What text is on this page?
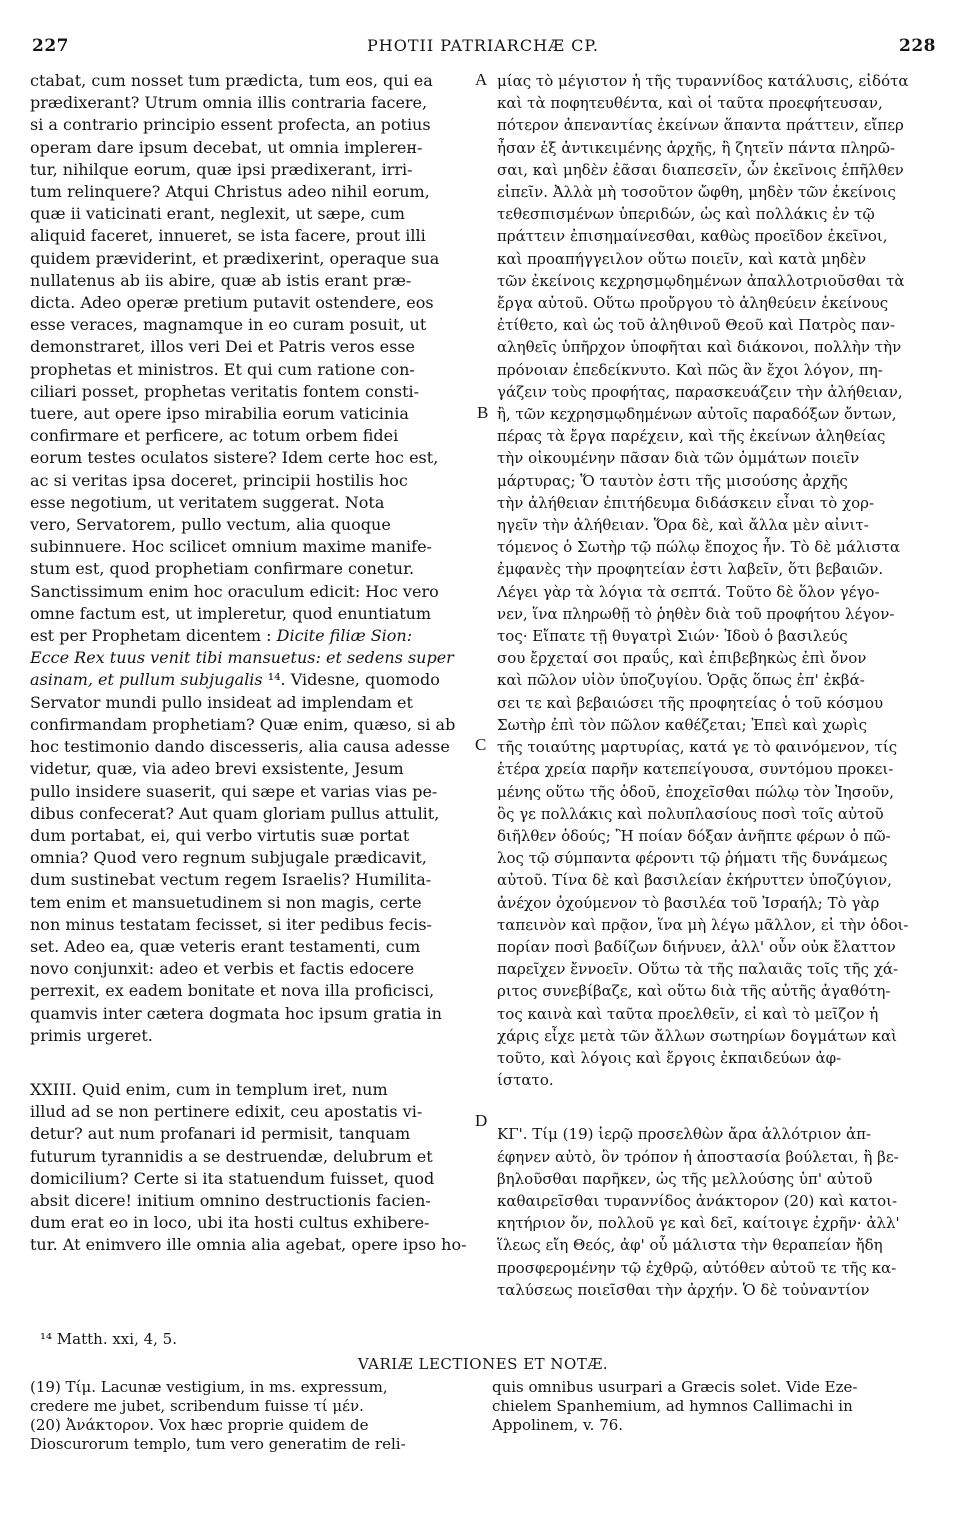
227	PHOTII PATRIARCHÆ CP.	228
ctabat, cum nosset tum prædicta, tum eos, qui ea
prædixerant? Utrum omnia illis contraria facere,
si a contrario principio essent profecta, an potius
operam dare ipsum decebat, ut omnia implerен-
tur, nihilque eorum, quæ ipsi prædixerant, irri-
tum relinquere? Atqui Christus adeo nihil eorum,
quæ ii vaticinati erant, neglexit, ut sæpe, cum
aliquid faceret, innueret, se ista facere, prout illi
quidem præviderint, et prædixerint, operaque sua
nullatenus ab iis abire, quæ ab istis erant præ-
dicta. Adeo operæ pretium putavit ostendere, eos
esse veraces, magnamque in eo curam posuit, ut
demonstraret, illos veri Dei et Patris veros esse
prophetas et ministros. Et qui cum ratione con-
ciliari posset, prophetas veritatis fontem consti-
tuere, aut opere ipso mirabilia eorum vaticinia
confirmare et perficere, ac totum orbem fidei
eorum testes oculatos sistere? Idem certe hoc est,
ac si veritas ipsa doceret, principii hostilis hoc
esse negotium, ut veritatem suggerat. Nota
vero, Servatorem, pullo vectum, alia quoque
subinnuere. Hoc scilicet omnium maxime manife-
stum est, quod prophetiam confirmare conetur.
Sanctissimum enim hoc oraculum edicit: Hoc vero
omne factum est, ut impleretur, quod enuntiatum
est per Prophetam dicentem : Dicite filiæ Sion:
Ecce Rex tuus venit tibi mansuetus: et sedens super
asinam, et pullum subjugalis ¹⁴. Videsne, quomodo
Servator mundi pullo insideat ad implendam et
confirmandam prophetiam? Quæ enim, quæso, si ab
hoc testimonio dando discesseris, alia causa adesse
videtur, quæ, via adeo brevi exsistente, Jesum
pullo insidere suaserit, qui sæpe et varias vias pe-
dibus confecerat? Aut quam gloriam pullus attulit,
dum portabat, ei, qui verbo virtutis suæ portat
omnia? Quod vero regnum subjugale prædicavit,
dum sustinebat vectum regem Israelis? Humilita-
tem enim et mansuetudinem si non magis, certe
non minus testatam fecisset, si iter pedibus fecis-
set. Adeo ea, quæ veteris erant testamenti, cum
novo conjunxit: adeo et verbis et factis edocere
perrexit, ex eadem bonitate et nova illa proficisci,
quamvis inter cætera dogmata hoc ipsum gratia in
primis urgeret.
XXIII. Quid enim, cum in templum iret, num
illud ad se non pertinere edixit, ceu apostatis vi-
detur? aut num profanari id permisit, tanquam
futurum tyrannidis a se destruendæ, delubrum et
domicilium? Certe si ita statuendum fuisset, quod
absit dicere! initium omnino destructionis facien-
dum erat eo in loco, ubi ita hosti cultus exhibere-
tur. At enimvero ille omnia alia agebat, opere ipso ho-
μίας τὸ μέγιστον ἡ τῆς τυραννίδος κατάλυσις, εἰδότα
καὶ τὰ ποφητευθέντα, καὶ οἱ ταῦτα προεφήτευσαν,
πότερον ἀπεναντίας ἐκείνων ἅπαντα πράττειν, εἴπερ
ἦσαν ἐξ ἀντικειμένης ἀρχῆς, ἢ ζητεῖν πάντα πληρῶ-
σαι, καὶ μηδὲν ἐᾶσαι διαπεσεῖν, ὧν ἐκεῖνοις ἐπῆλθεν
εἰπεῖν. Ἀλλὰ μὴ τοσοῦτον ὤφθη, μηδὲν τῶν ἐκείνοις
τεθεσπισμένων ὑπεριδών, ὡς καὶ πολλάκις ἐν τῷ
πράττειν ἐπισημαίνεσθαι, καθὼς προεῖδον ἐκεῖνοι,
καὶ προαπήγγειλον οὕτω ποιεῖν, καὶ κατὰ μηδὲν
τῶν ἐκείνοις κεχρησμῳδημένων ἀπαλλοτριοῦσθαι τὰ
ἔργα αὐτοῦ. Οὕτω προὔργου τὸ ἀληθεύειν ἐκείνους
ἐτίθετο, καὶ ὡς τοῦ ἀληθινοῦ Θεοῦ καὶ Πατρὸς παν-
αληθεῖς ὑπῆρχον ὑποφῆται καὶ διάκονοι, πολλὴν τὴν
πρόνοιαν ἐπεδείκνυτο. Καὶ πῶς ἂν ἔχοι λόγον, πη-
γάζειν τοὺς προφήτας, παρασκευάζειν τὴν ἀλήθειαν,
ἢ, τῶν κεχρησμῳδημένων αὐτοῖς παραδόξων ὄντων,
πέρας τὰ ἔργα παρέχειν, καὶ τῆς ἐκείνων ἀληθείας
τὴν οἰκουμένην πᾶσαν διὰ τῶν ὀμμάτων ποιεῖν
μάρτυρας; Ὅ ταυτὸν ἐστι τῆς μισούσης ἀρχῆς
τὴν ἀλήθειαν ἐπιτήδευμα διδάσκειν εἶναι τὸ χορ-
ηγεῖν τὴν ἀλήθειαν. Ὅρα δὲ, καὶ ἄλλα μὲν αἰνιτ-
τόμενος ὁ Σωτὴρ τῷ πώλῳ ἔποχος ἦν. Τὸ δὲ μάλιστα
ἐμφανὲς τὴν προφητείαν ἐστι λαβεῖν, ὅτι βεβαιῶν.
Λέγει γὰρ τὰ λόγια τὰ σεπτά. Τοῦτο δὲ ὅλον γέγο-
νεν, ἵνα πληρωθῇ τὸ ῥηθὲν διὰ τοῦ προφήτου λέγον-
τος· Εἴπατε τῇ θυγατρὶ Σιών· Ἰδοὺ ὁ βασιλεύς
σου ἔρχεταί σοι πραΰς, καὶ ἐπιβεβηκὼς ἐπὶ ὄνον
καὶ πῶλον υἱὸν ὑποζυγίου. Ὁρᾷς ὅπως ἐπ' ἐκβά-
σει τε καὶ βεβαιώσει τῆς προφητείας ὁ τοῦ κόσμου
Σωτὴρ ἐπὶ τὸν πῶλον καθέζεται; Ἐπεὶ καὶ χωρὶς
τῆς τοιαύτης μαρτυρίας, κατά γε τὸ φαινόμενον, τίς
ἑτέρα χρεία παρῆν κατεπείγουσα, συντόμου προκει-
μένης οὕτω τῆς ὁδοῦ, ἐποχεῖσθαι πώλῳ τὸν Ἰησοῦν,
ὃς γε πολλάκις καὶ πολυπλασίους ποσὶ τοῖς αὐτοῦ
διῆλθεν ὁδούς; Ἢ ποίαν δόξαν ἀνῆπτε φέρων ὁ πῶ-
λος τῷ σύμπαντα φέροντι τῷ ῥήματι τῆς δυνάμεως
αὐτοῦ. Τίνα δὲ καὶ βασιλείαν ἐκήρυττεν ὑποζύγιον,
ἀνέχον ὀχούμενον τὸ βασιλέα τοῦ Ἰσραήλ; Τὸ γὰρ
ταπεινὸν καὶ πρᾷον, ἵνα μὴ λέγω μᾶλλον, εἰ τὴν ὁδοι-
πορίαν ποσὶ βαδίζων διήνυεν, ἀλλ' οὖν οὐκ ἔλαττον
παρεῖχεν ἔννοεῖν. Οὕτω τὰ τῆς παλαιᾶς τοῖς τῆς χά-
ριτος συνεβίβαζε, καὶ οὕτω διὰ τῆς αὐτῆς ἀγαθότη-
τος καινὰ καὶ ταῦτα προελθεῖν, εἰ καὶ τὸ μεῖζον ἡ
χάρις εἶχε μετὰ τῶν ἄλλων σωτηρίων δογμάτων καὶ
τοῦτο, καὶ λόγοις καὶ ἔργοις ἐκπαιδεύων ἀφ-
ίστατο.
ΚΓ'. Τίμ (19) ἱερῷ προσελθὼν ἄρα ἀλλότριον ἀπ-
έφηνεν αὐτὸ, ὃν τρόπον ἡ ἀποστασία βούλεται, ἢ βε-
βηλοῦσθαι παρῆκεν, ὡς τῆς μελλούσης ὑπ' αὐτοῦ
καθαιρεῖσθαι τυραννίδος ἀνάκτορον (20) καὶ κατοι-
κητήριον ὄν, πολλοῦ γε καὶ δεῖ, καίτοιγε ἐχρῆν· ἀλλ'
ἵλεως εἴη Θεός, ἀφ' οὗ μάλιστα τὴν θεραπείαν ἤδη
προσφερομένην τῷ ἐχθρῷ, αὐτόθεν αὐτοῦ τε τῆς κα-
ταλύσεως ποιεῖσθαι τὴν ἀρχήν. Ὁ δὲ τοὐναντίον
A
B
C
D
¹⁴ Matth. xxi, 4, 5.
VARIÆ LECTIONES ET NOTÆ.
(19) Τίμ. Lacunæ vestigium, in ms. expressum,
credere me jubet, scribendum fuisse τί μέν.
(20) Ἀνάκτορον. Vox hæc proprie quidem de
Dioscurorum templo, tum vero generatim de reli-
quis omnibus usurpari a Græcis solet. Vide Eze-
chielem Spanhemium, ad hymnos Callimachi in
Appolinem, v. 76.
